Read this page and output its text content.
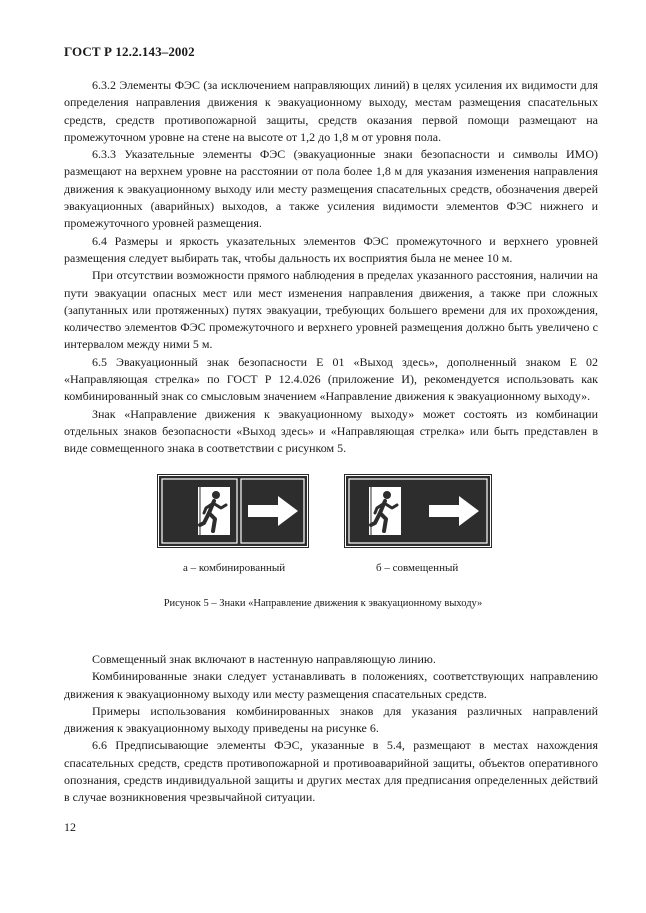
ГОСТ Р 12.2.143–2002

6.3.2 Элементы ФЭС (за исключением направляющих линий) в целях усиления их видимости для определения направления движения к эвакуационному выходу, местам размещения спасательных средств, средств противопожарной защиты, средств оказания первой помощи размещают на промежуточном уровне на стене на высоте от 1,2 до 1,8 м от уровня пола.

6.3.3 Указательные элементы ФЭС (эвакуационные знаки безопасности и символы ИМО) размещают на верхнем уровне на расстоянии от пола более 1,8 м для указания изменения направления движения к эвакуационному выходу или месту размещения спасательных средств, обозначения дверей эвакуационных (аварийных) выходов, а также усиления видимости элементов ФЭС нижнего и промежуточного уровней размещения.

6.4 Размеры и яркость указательных элементов ФЭС промежуточного и верхнего уровней размещения следует выбирать так, чтобы дальность их восприятия была не менее 10 м.

При отсутствии возможности прямого наблюдения в пределах указанного расстояния, наличии на пути эвакуации опасных мест или мест изменения направления движения, а также при сложных (запутанных или протяженных) путях эвакуации, требующих большего времени для их прохождения, количество элементов ФЭС промежуточного и верхнего уровней размещения должно быть увеличено с интервалом между ними 5 м.

6.5 Эвакуационный знак безопасности Е 01 «Выход здесь», дополненный знаком Е 02 «Направляющая стрелка» по ГОСТ Р 12.4.026 (приложение И), рекомендуется использовать как комбинированный знак со смысловым значением «Направление движения к эвакуационному выходу».

Знак «Направление движения к эвакуационному выходу» может состоять из комбинации отдельных знаков безопасности «Выход здесь» и «Направляющая стрелка» или быть представлен в виде совмещенного знака в соответствии с рисунком 5.

а – комбинированный	б – совмещенный
Рисунок 5 – Знаки «Направление движения к эвакуационному выходу»

Совмещенный знак включают в настенную направляющую линию.

Комбинированные знаки следует устанавливать в положениях, соответствующих направлению движения к эвакуационному выходу или месту размещения спасательных средств.

Примеры использования комбинированных знаков для указания различных направлений движения к эвакуационному выходу приведены на рисунке 6.

6.6 Предписывающие элементы ФЭС, указанные в 5.4, размещают в местах нахождения спасательных средств, средств противопожарной и противоаварийной защиты, объектов оперативного опознания, средств индивидуальной защиты и других местах для предписания определенных действий в случае возникновения чрезвычайной ситуации.

12
